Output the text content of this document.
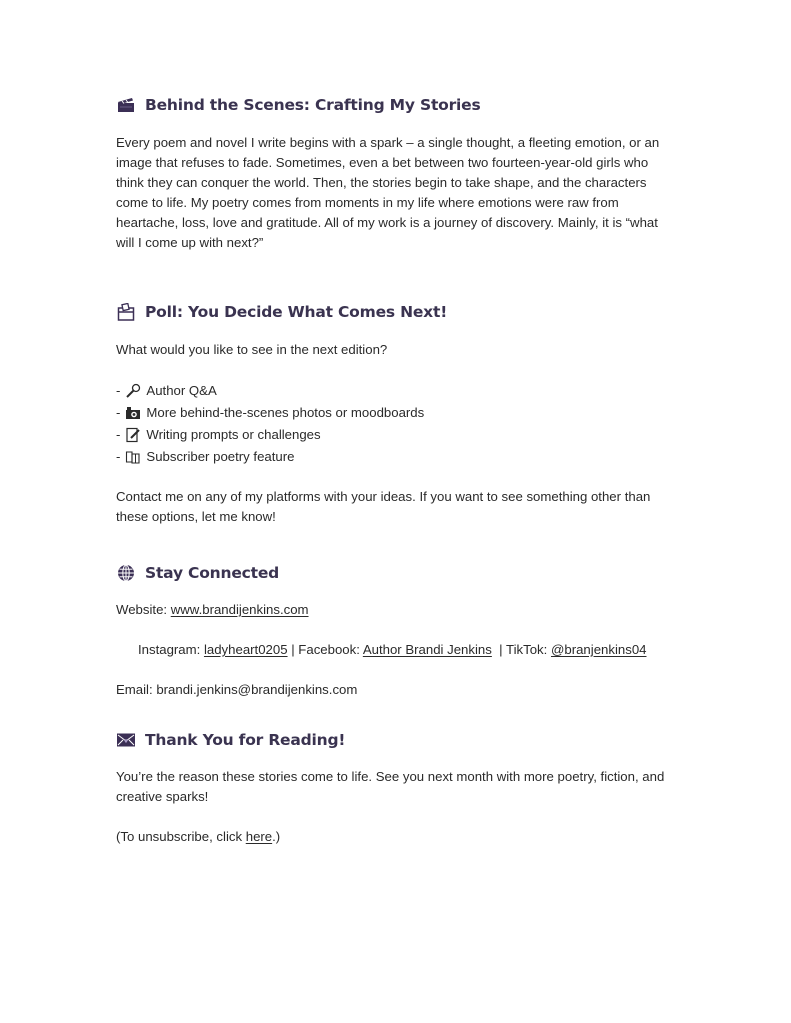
Behind the Scenes: Crafting My Stories
Every poem and novel I write begins with a spark – a single thought, a fleeting emotion, or an
image that refuses to fade. Sometimes, even a bet between two fourteen-year-old girls who
think they can conquer the world. Then, the stories begin to take shape, and the characters
come to life. My poetry comes from moments in my life where emotions were raw from
heartache, loss, love and gratitude. All of my work is a journey of discovery. Mainly, it is “what
will I come up with next?”
Poll: You Decide What Comes Next!
What would you like to see in the next edition?
- Author Q&A
- More behind-the-scenes photos or moodboards
- Writing prompts or challenges
- Subscriber poetry feature
Contact me on any of my platforms with your ideas. If you want to see something other than
these options, let me know!
Stay Connected
Website: www.brandijenkins.com

Instagram: ladyheart0205 | Facebook: Author Brandi Jenkins  | TikTok: @branjenkins04

Email: brandi.jenkins@brandijenkins.com
Thank You for Reading!
You’re the reason these stories come to life. See you next month with more poetry, fiction, and
creative sparks!
(To unsubscribe, click here.)
